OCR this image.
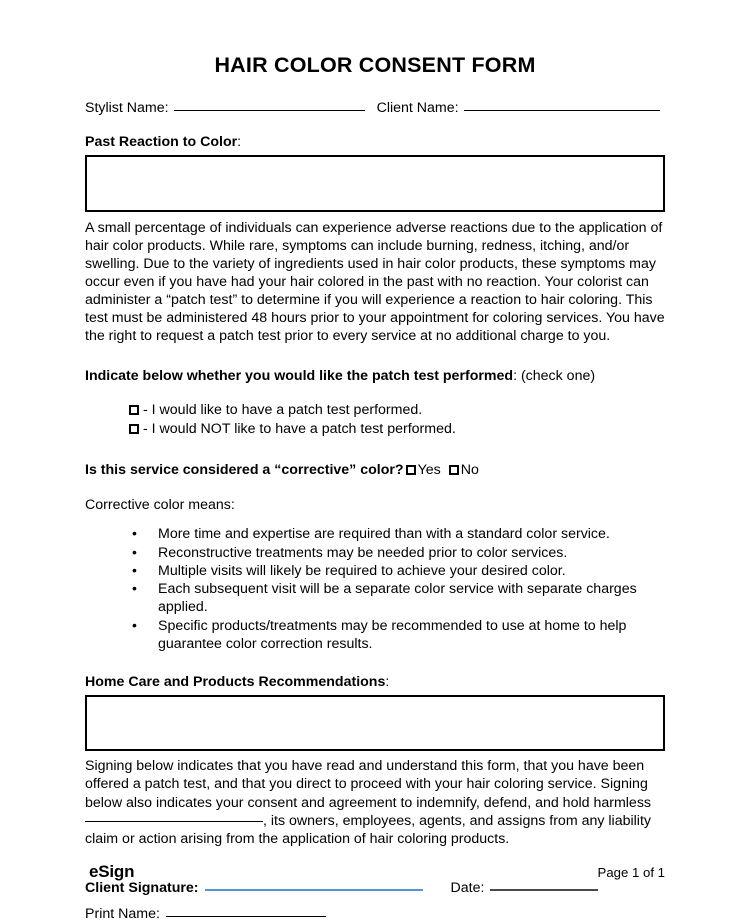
HAIR COLOR CONSENT FORM
Stylist Name:	Client Name:
Past Reaction to Color:

A small percentage of individuals can experience adverse reactions due to the application of hair color products. While rare, symptoms can include burning, redness, itching, and/or swelling. Due to the variety of ingredients used in hair color products, these symptoms may occur even if you have had your hair colored in the past with no reaction. Your colorist can administer a “patch test” to determine if you will experience a reaction to hair coloring. This test must be administered 48 hours prior to your appointment for coloring services. You have the right to request a patch test prior to every service at no additional charge to you.

Indicate below whether you would like the patch test performed: (check one)
- I would like to have a patch test performed.
- I would NOT like to have a patch test performed.
Is this service considered a “corrective” color? Yes No
Corrective color means:
• More time and expertise are required than with a standard color service.
• Reconstructive treatments may be needed prior to color services.
• Multiple visits will likely be required to achieve your desired color.
• Each subsequent visit will be a separate color service with separate charges applied.
• Specific products/treatments may be recommended to use at home to help guarantee color correction results.
Home Care and Products Recommendations:

Signing below indicates that you have read and understand this form, that you have been offered a patch test, and that you direct to proceed with your hair coloring service. Signing below also indicates your consent and agreement to indemnify, defend, and hold harmless , its owners, employees, agents, and assigns from any liability claim or action arising from the application of hair coloring products.

Client Signature:	Date:
Print Name:
eSign	Page 1 of 1
